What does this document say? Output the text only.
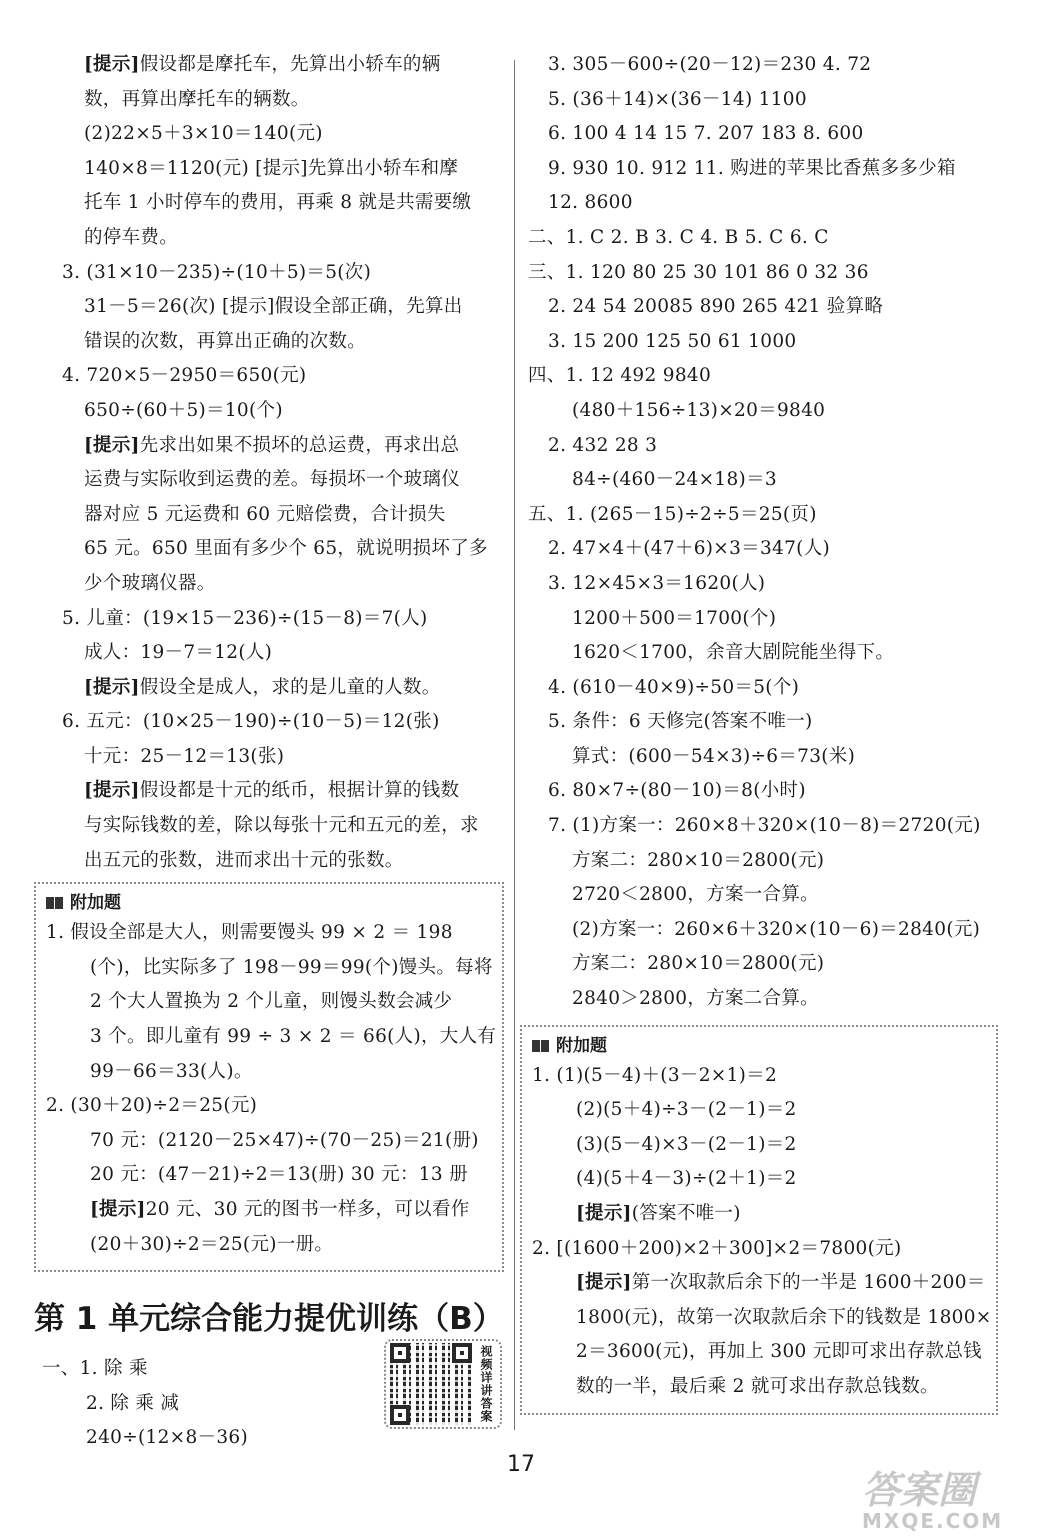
[提示]假设都是摩托车，先算出小轿车的辆
数，再算出摩托车的辆数。
(2)22×5＋3×10＝140(元)
140×8＝1120(元) [提示]先算出小轿车和摩
托车 1 小时停车的费用，再乘 8 就是共需要缴
的停车费。
3. (31×10－235)÷(10＋5)＝5(次)
31－5＝26(次) [提示]假设全部正确，先算出
错误的次数，再算出正确的次数。
4. 720×5－2950＝650(元)
650÷(60＋5)＝10(个)
[提示]先求出如果不损坏的总运费，再求出总
运费与实际收到运费的差。每损坏一个玻璃仪
器对应 5 元运费和 60 元赔偿费，合计损失
65 元。650 里面有多少个 65，就说明损坏了多
少个玻璃仪器。
5. 儿童：(19×15－236)÷(15－8)＝7(人)
成人：19－7＝12(人)
[提示]假设全是成人，求的是儿童的人数。
6. 五元：(10×25－190)÷(10－5)＝12(张)
十元：25－12＝13(张)
[提示]假设都是十元的纸币，根据计算的钱数
与实际钱数的差，除以每张十元和五元的差，求
出五元的张数，进而求出十元的张数。
附加题
1. 假设全部是大人，则需要馒头 99 × 2 ＝ 198
(个)，比实际多了 198－99＝99(个)馒头。每将
2 个大人置换为 2 个儿童，则馒头数会减少
3 个。即儿童有 99 ÷ 3 × 2 ＝ 66(人)，大人有
99－66＝33(人)。
2. (30＋20)÷2＝25(元)
70 元：(2120－25×47)÷(70－25)＝21(册)
20 元：(47－21)÷2＝13(册) 30 元：13 册
[提示]20 元、30 元的图书一样多，可以看作
(20＋30)÷2＝25(元)一册。
第 1 单元综合能力提优训练（B）
一、1. 除 乘
2. 除 乘 减
240÷(12×8－36)
3. 305－600÷(20－12)＝230 4. 72
5. (36＋14)×(36－14) 1100
6. 100 4 14 15 7. 207 183 8. 600
9. 930 10. 912 11. 购进的苹果比香蕉多多少箱
12. 8600
二、1. C 2. B 3. C 4. B 5. C 6. C
三、1. 120 80 25 30 101 86 0 32 36
2. 24 54 20085 890 265 421 验算略
3. 15 200 125 50 61 1000
四、1. 12 492 9840
(480＋156÷13)×20＝9840
2. 432 28 3
84÷(460－24×18)＝3
五、1. (265－15)÷2÷5＝25(页)
2. 47×4＋(47＋6)×3＝347(人)
3. 12×45×3＝1620(人)
1200＋500＝1700(个)
1620＜1700，余音大剧院能坐得下。
4. (610－40×9)÷50＝5(个)
5. 条件：6 天修完(答案不唯一)
算式：(600－54×3)÷6＝73(米)
6. 80×7÷(80－10)＝8(小时)
7. (1)方案一：260×8＋320×(10－8)＝2720(元)
方案二：280×10＝2800(元)
2720＜2800，方案一合算。
(2)方案一：260×6＋320×(10－6)＝2840(元)
方案二：280×10＝2800(元)
2840＞2800，方案二合算。
附加题
1. (1)(5－4)＋(3－2×1)＝2
(2)(5＋4)÷3－(2－1)＝2
(3)(5－4)×3－(2－1)＝2
(4)(5＋4－3)÷(2＋1)＝2
[提示](答案不唯一)
2. [(1600＋200)×2＋300]×2＝7800(元)
[提示]第一次取款后余下的一半是 1600＋200＝
1800(元)，故第一次取款后余下的钱数是 1800×
2＝3600(元)，再加上 300 元即可求出存款总钱
数的一半，最后乘 2 就可求出存款总钱数。
视频详讲答案
17
答案圈
MXQE.COM
